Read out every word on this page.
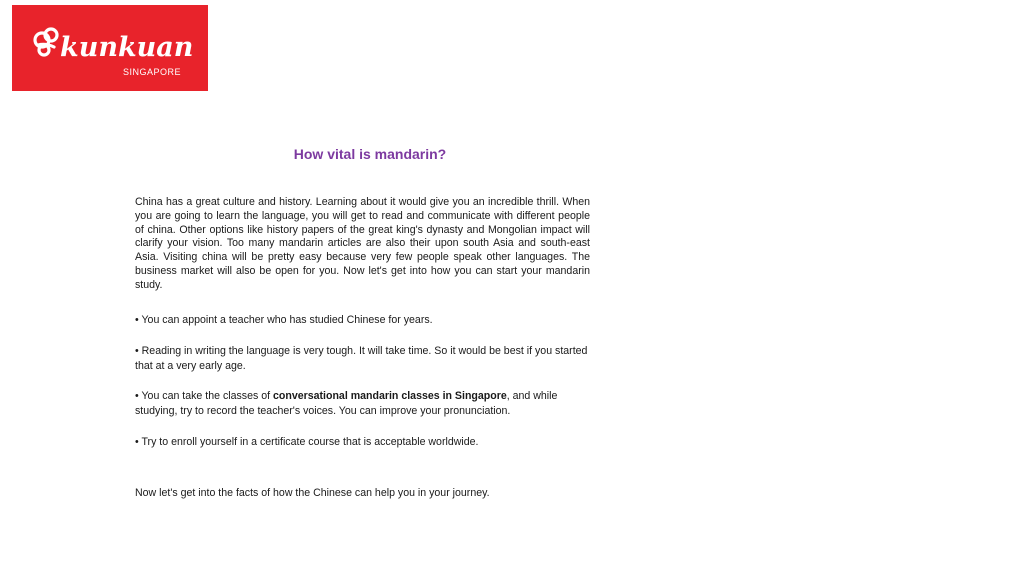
kunkuan
SINGAPORE
How vital is mandarin?
China has a great culture and history. Learning about it would give you an incredible thrill. When you are going to learn the language, you will get to read and communicate with different people of china. Other options like history papers of the great king's dynasty and Mongolian impact will clarify your vision. Too many mandarin articles are also their upon south Asia and south-east Asia. Visiting china will be pretty easy because very few people speak other languages. The business market will also be open for you. Now let's get into how you can start your mandarin study.
• You can appoint a teacher who has studied Chinese for years.
• Reading in writing the language is very tough. It will take time. So it would be best if you started that at a very early age.
• You can take the classes of conversational mandarin classes in Singapore, and while studying, try to record the teacher's voices. You can improve your pronunciation.
• Try to enroll yourself in a certificate course that is acceptable worldwide.
Now let's get into the facts of how the Chinese can help you in your journey.
